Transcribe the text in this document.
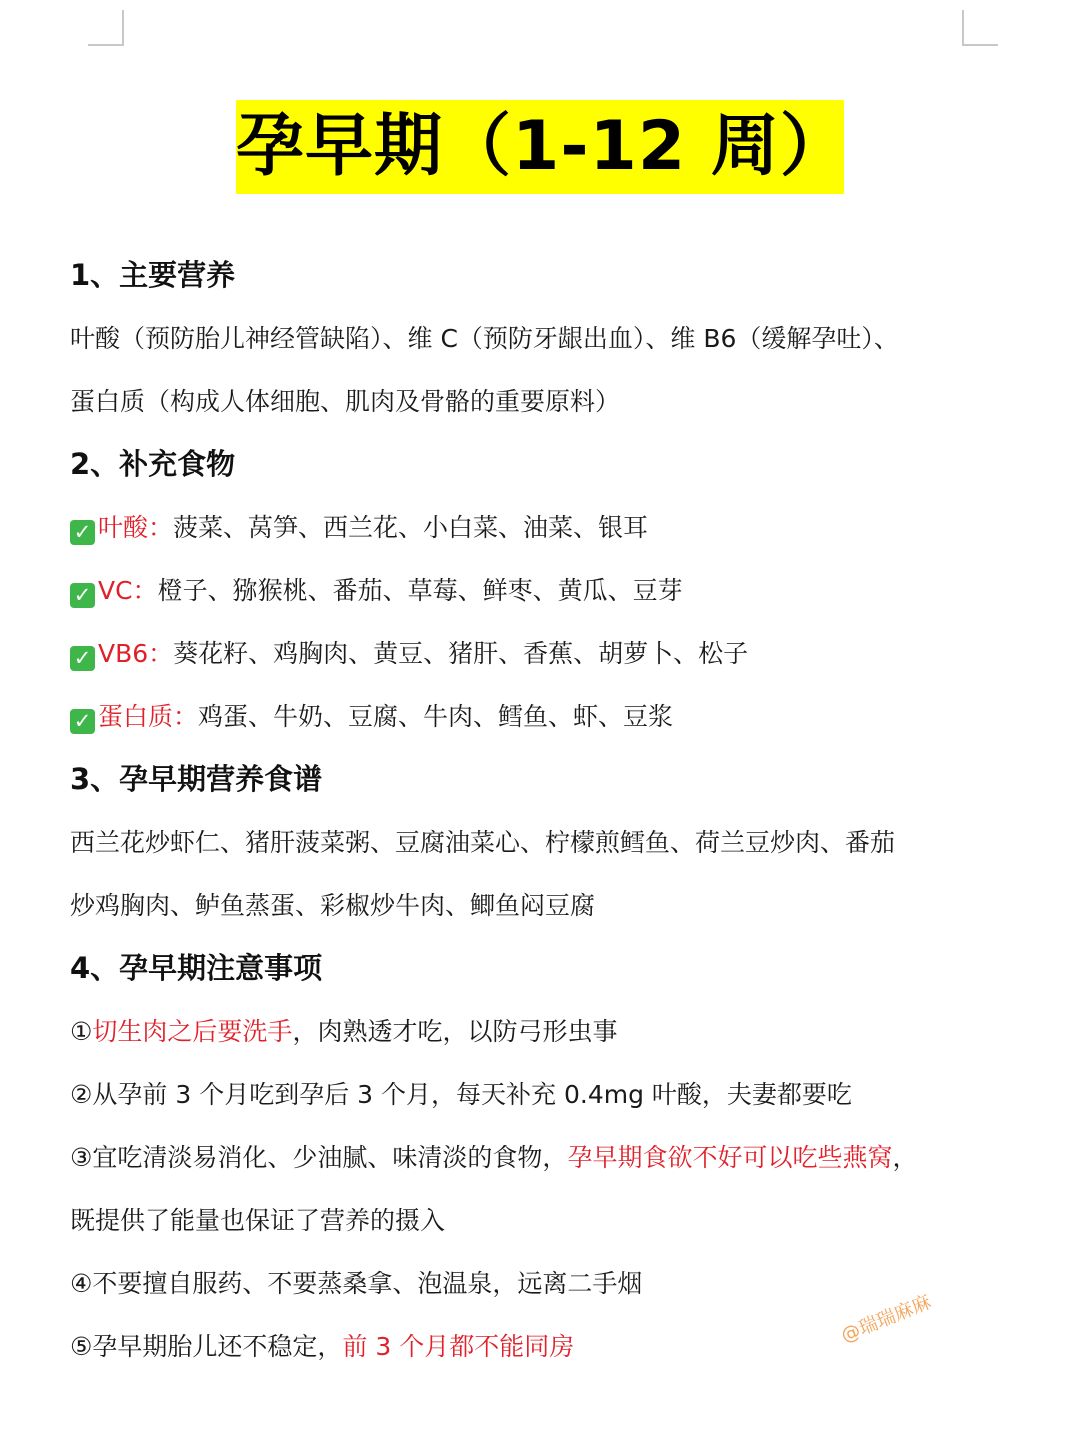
孕早期（1-12 周）
1、主要营养
叶酸（预防胎儿神经管缺陷）、维 C（预防牙龈出血）、维 B6（缓解孕吐）、
蛋白质（构成人体细胞、肌肉及骨骼的重要原料）
2、补充食物
✓ 叶酸：菠菜、莴笋、西兰花、小白菜、油菜、银耳
✓ VC：橙子、猕猴桃、番茄、草莓、鲜枣、黄瓜、豆芽
✓ VB6：葵花籽、鸡胸肉、黄豆、猪肝、香蕉、胡萝卜、松子
✓ 蛋白质：鸡蛋、牛奶、豆腐、牛肉、鳕鱼、虾、豆浆
3、孕早期营养食谱
西兰花炒虾仁、猪肝菠菜粥、豆腐油菜心、柠檬煎鳕鱼、荷兰豆炒肉、番茄
炒鸡胸肉、鲈鱼蒸蛋、彩椒炒牛肉、鲫鱼闷豆腐
4、孕早期注意事项
①切生肉之后要洗手，肉熟透才吃，以防弓形虫事
②从孕前 3 个月吃到孕后 3 个月，每天补充 0.4mg 叶酸，夫妻都要吃
③宜吃清淡易消化、少油腻、味清淡的食物，孕早期食欲不好可以吃些燕窝，
既提供了能量也保证了营养的摄入
④不要擅自服药、不要蒸桑拿、泡温泉，远离二手烟
⑤孕早期胎儿还不稳定，前 3 个月都不能同房	@瑞瑞麻麻
